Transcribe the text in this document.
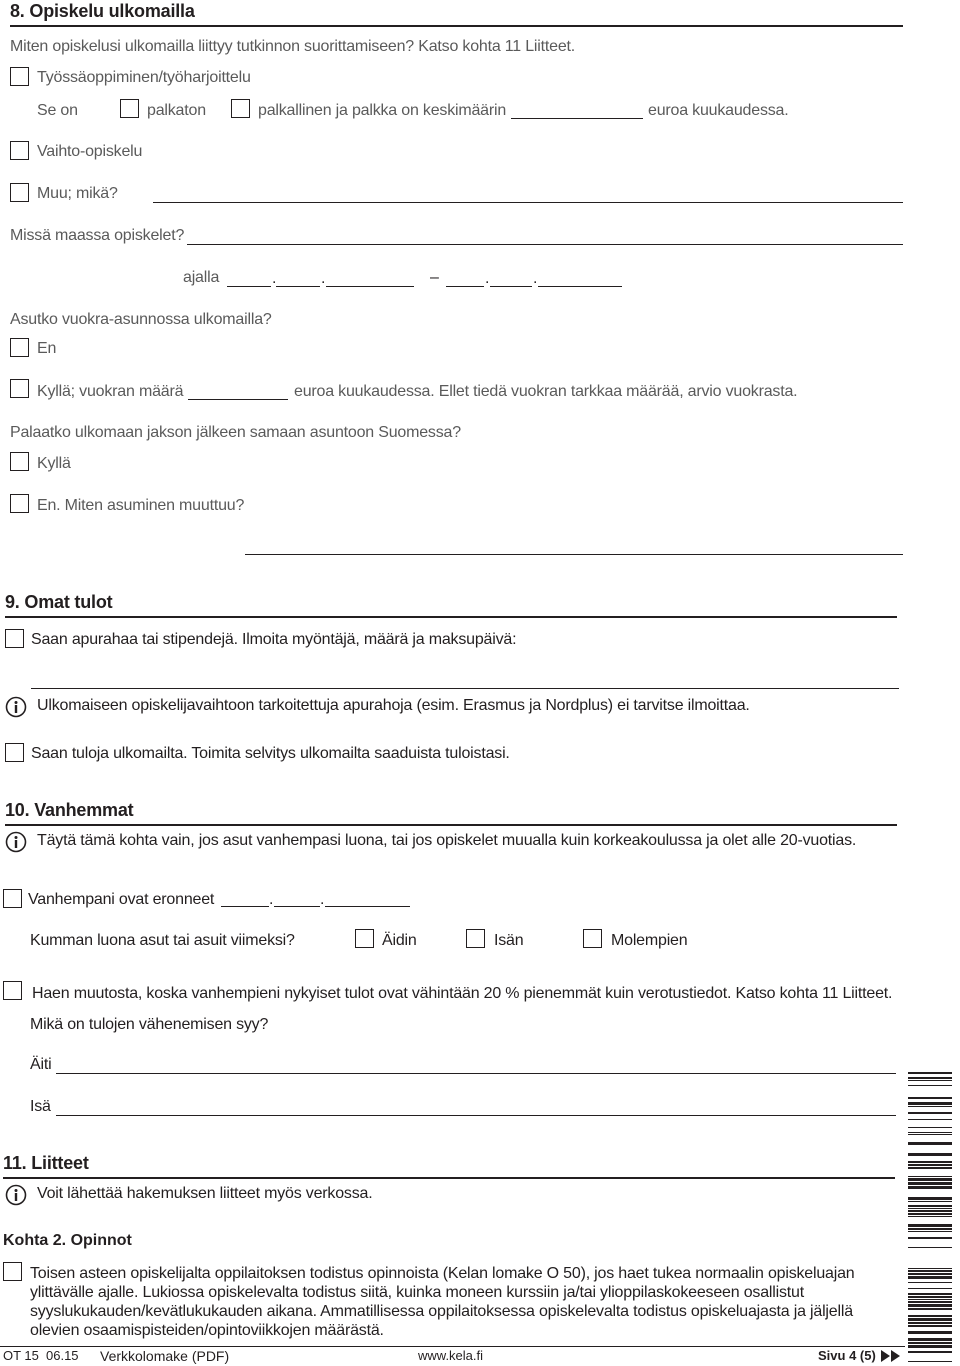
8. Opiskelu ulkomailla
Miten opiskelusi ulkomailla liittyy tutkinnon suorittamiseen? Katso kohta 11 Liitteet.
Työssäoppiminen/työharjoittelu
Se on	palkaton	palkallinen ja palkka on keskimäärin	euroa kuukaudessa.
Vaihto-opiskelu
Muu; mikä?
Missä maassa opiskelet?
ajalla	.	.	–	.	.
Asutko vuokra-asunnossa ulkomailla?
En
Kyllä; vuokran määrä	euroa kuukaudessa. Ellet tiedä vuokran tarkkaa määrää, arvio vuokrasta.
Palaatko ulkomaan jakson jälkeen samaan asuntoon Suomessa?
Kyllä
En. Miten asuminen muuttuu?
9. Omat tulot
Saan apurahaa tai stipendejä. Ilmoita myöntäjä, määrä ja maksupäivä:
Ulkomaiseen opiskelijavaihtoon tarkoitettuja apurahoja (esim. Erasmus ja Nordplus) ei tarvitse ilmoittaa.
Saan tuloja ulkomailta. Toimita selvitys ulkomailta saaduista tuloistasi.
10. Vanhemmat
Täytä tämä kohta vain, jos asut vanhempasi luona, tai jos opiskelet muualla kuin korkeakoulussa ja olet alle 20-vuotias.
Vanhempani ovat eronneet	.	.
Kumman luona asut tai asuit viimeksi?	Äidin	Isän	Molempien
Haen muutosta, koska vanhempieni nykyiset tulot ovat vähintään 20 % pienemmät kuin verotustiedot. Katso kohta 11 Liitteet.
Mikä on tulojen vähenemisen syy?
Äiti
Isä
11. Liitteet
Voit lähettää hakemuksen liitteet myös verkossa.
Kohta 2. Opinnot
Toisen asteen opiskelijalta oppilaitoksen todistus opinnoista (Kelan lomake O 50), jos haet tukea normaalin opiskeluajan ylittävälle ajalle. Lukiossa opiskelevalta todistus siitä, kuinka moneen kurssiin ja/tai ylioppilaskokeeseen osallistut syyslukukauden/kevätlukukauden aikana. Ammatillisessa oppilaitoksessa opiskelevalta todistus opiskeluajasta ja jäljellä olevien osaamispisteiden/opintoviikkojen määrästä.
OT 15 06.15 Verkkolomake (PDF)	www.kela.fi	Sivu 4 (5)
